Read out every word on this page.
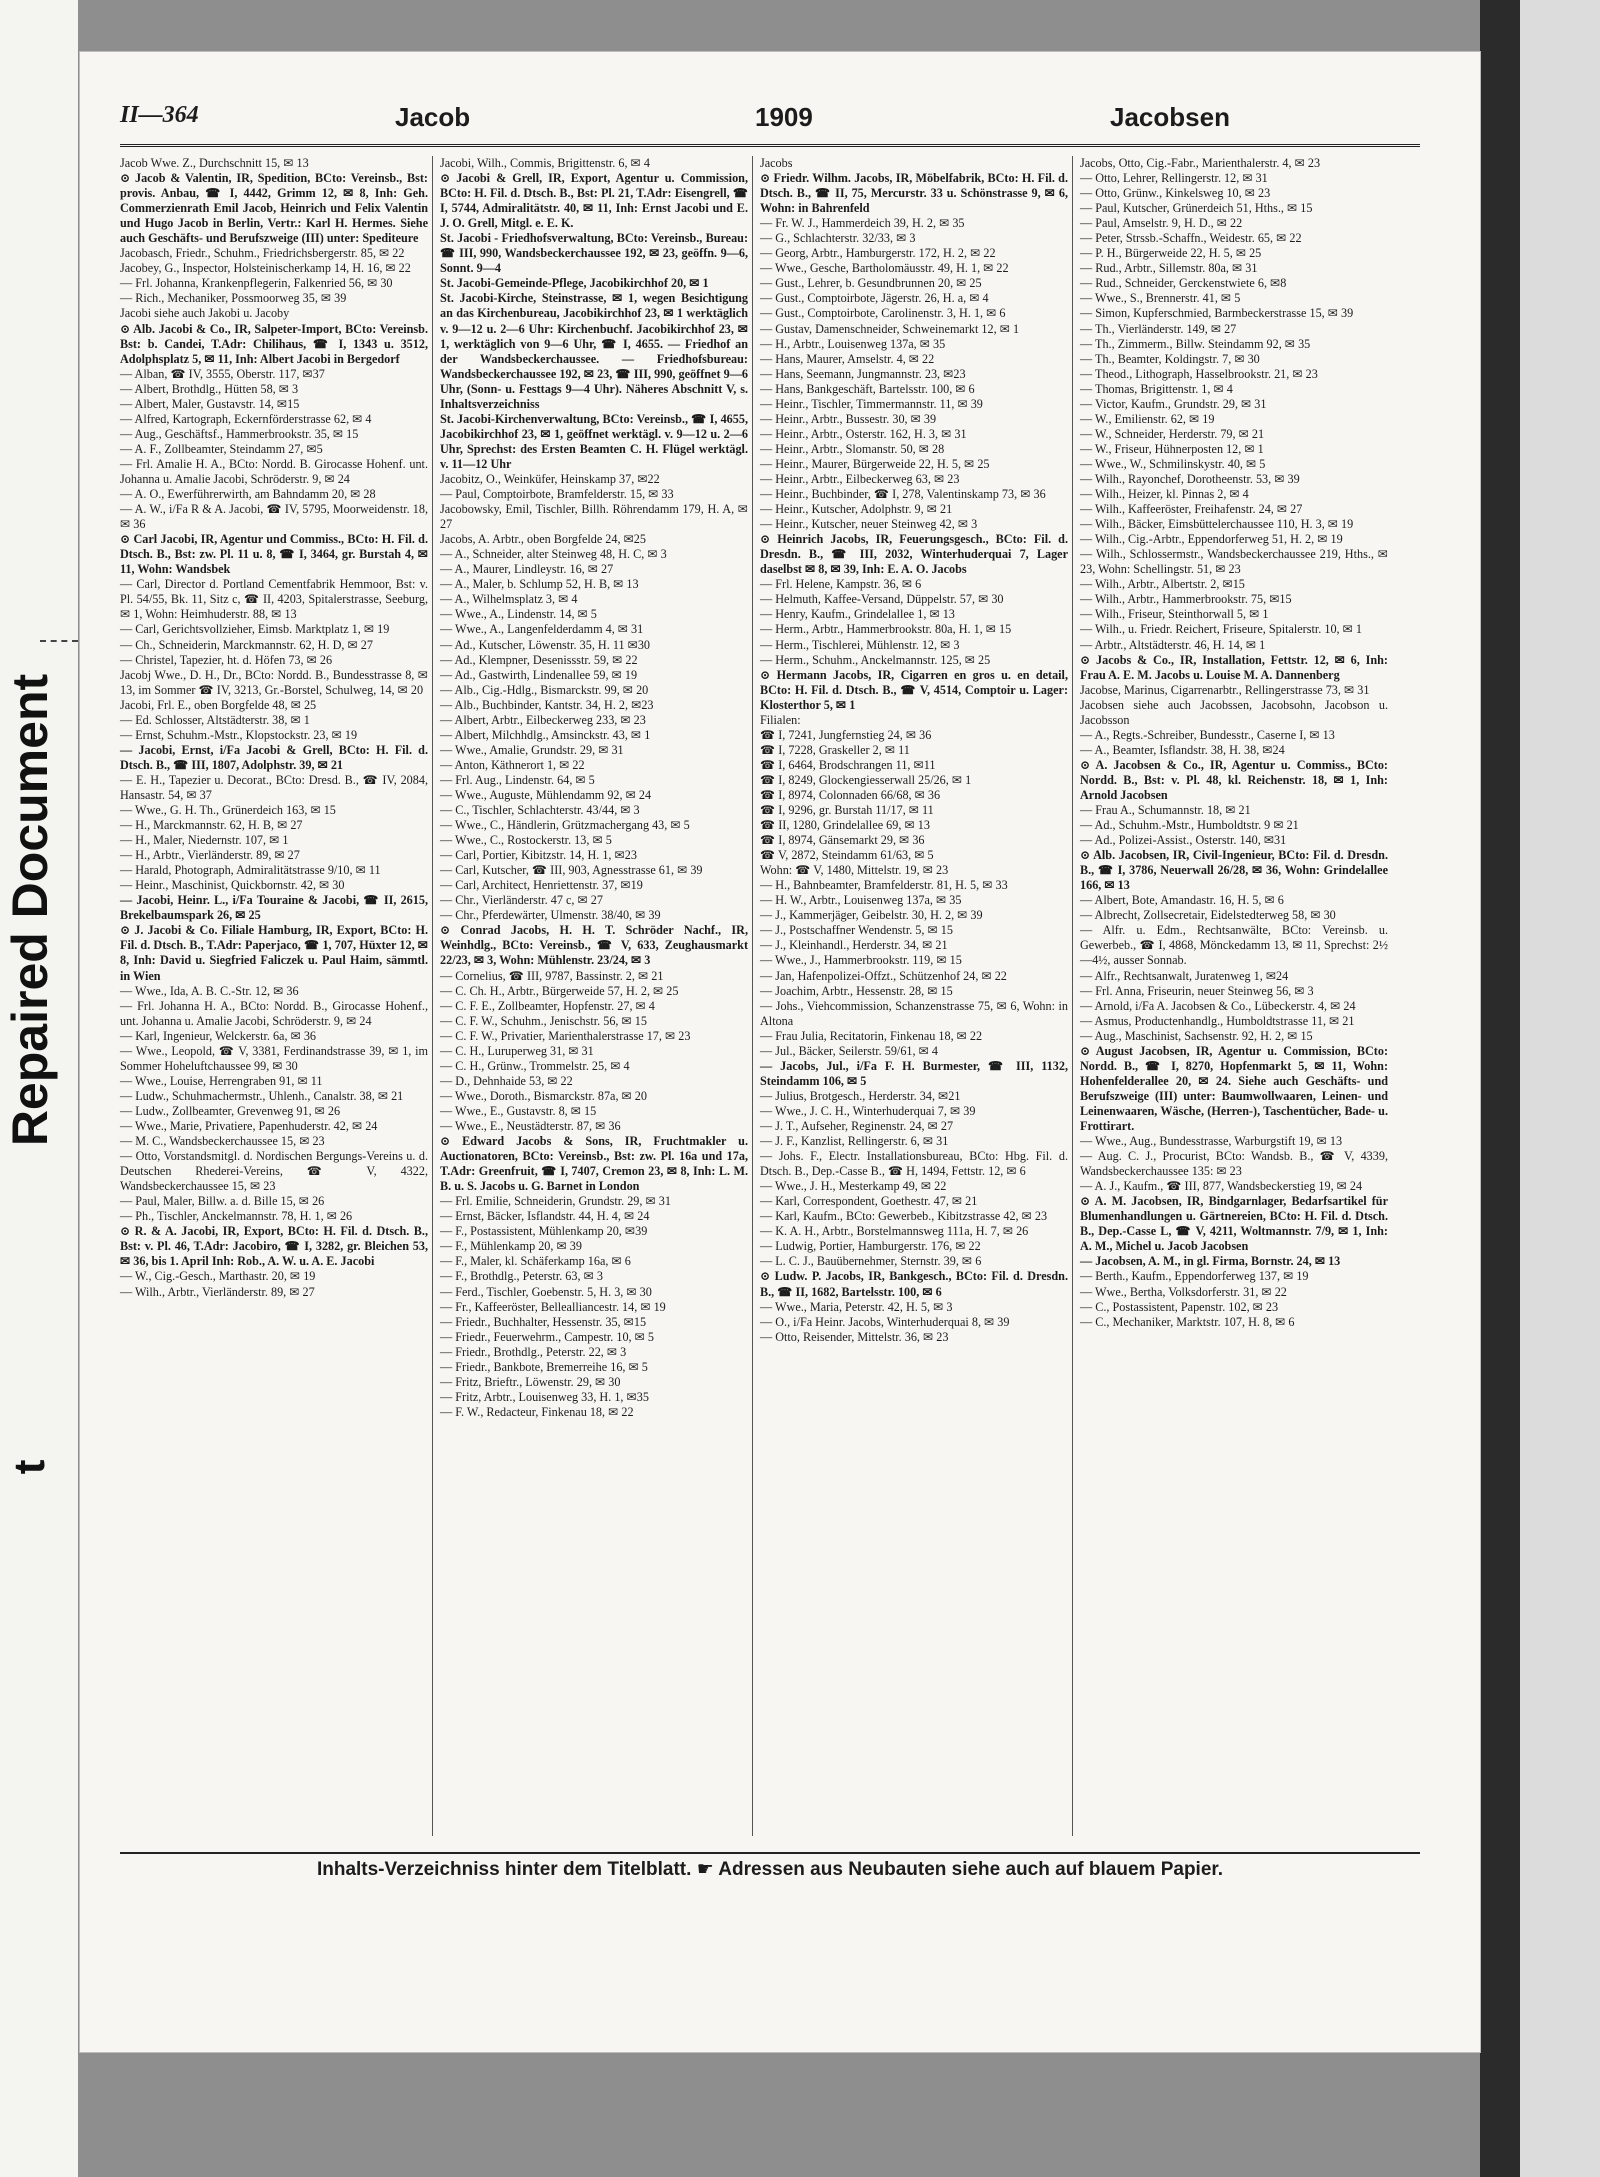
Repaired Document
II—364	Jacob	1909	Jacobsen

Jacob Wwe. Z., Durchschnitt 15, ✉ 13

⊙ Jacob & Valentin, IR, Spedition, BCto: Vereinsb., Bst: provis. Anbau, ☎ I, 4442, Grimm 12, ✉ 8, Inh: Geh. Commerzienrath Emil Jacob, Heinrich und Felix Valentin und Hugo Jacob in Berlin, Vertr.: Karl H. Hermes. Siehe auch Geschäfts- und Berufszweige (III) unter: Spediteure

Jacobasch, Friedr., Schuhm., Friedrichsbergerstr. 85, ✉ 22

Jacobey, G., Inspector, Holsteinischerkamp 14, H. 16, ✉ 22

— Frl. Johanna, Krankenpflegerin, Falkenried 56, ✉ 30

— Rich., Mechaniker, Possmoorweg 35, ✉ 39

Jacobi siehe auch Jakobi u. Jacoby

⊙ Alb. Jacobi & Co., IR, Salpeter-Import, BCto: Vereinsb. Bst: b. Candei, T.Adr: Chilihaus, ☎ I, 1343 u. 3512, Adolphsplatz 5, ✉ 11, Inh: Albert Jacobi in Bergedorf

— Alban, ☎ IV, 3555, Oberstr. 117, ✉37

— Albert, Brothdlg., Hütten 58, ✉ 3

— Albert, Maler, Gustavstr. 14, ✉15

— Alfred, Kartograph, Eckernförderstrasse 62, ✉ 4

— Aug., Geschäftsf., Hammerbrookstr. 35, ✉ 15

— A. F., Zollbeamter, Steindamm 27, ✉5

— Frl. Amalie H. A., BCto: Nordd. B. Girocasse Hohenf. unt. Johanna u. Amalie Jacobi, Schröderstr. 9, ✉ 24

— A. O., Ewerführerwirth, am Bahndamm 20, ✉ 28

— A. W., i/Fa R & A. Jacobi, ☎ IV, 5795, Moorweidenstr. 18, ✉ 36

⊙ Carl Jacobi, IR, Agentur und Commiss., BCto: H. Fil. d. Dtsch. B., Bst: zw. Pl. 11 u. 8, ☎ I, 3464, gr. Burstah 4, ✉ 11, Wohn: Wandsbek

— Carl, Director d. Portland Cementfabrik Hemmoor, Bst: v. Pl. 54/55, Bk. 11, Sitz c, ☎ II, 4203, Spitalerstrasse, Seeburg, ✉ 1, Wohn: Heimhuderstr. 88, ✉ 13

— Carl, Gerichtsvollzieher, Eimsb. Marktplatz 1, ✉ 19

— Ch., Schneiderin, Marckmannstr. 62, H. D, ✉ 27

— Christel, Tapezier, ht. d. Höfen 73, ✉ 26

Jacobj Wwe., D. H., Dr., BCto: Nordd. B., Bundesstrasse 8, ✉ 13, im Sommer ☎ IV, 3213, Gr.-Borstel, Schulweg, 14, ✉ 20

Jacobi, Frl. E., oben Borgfelde 48, ✉ 25

— Ed. Schlosser, Altstädterstr. 38, ✉ 1

— Ernst, Schuhm.-Mstr., Klopstockstr. 23, ✉ 19

— Jacobi, Ernst, i/Fa Jacobi & Grell, BCto: H. Fil. d. Dtsch. B., ☎ III, 1807, Adolphstr. 39, ✉ 21

— E. H., Tapezier u. Decorat., BCto: Dresd. B., ☎ IV, 2084, Hansastr. 54, ✉ 37

— Wwe., G. H. Th., Grünerdeich 163, ✉ 15

— H., Marckmannstr. 62, H. B, ✉ 27

— H., Maler, Niedernstr. 107, ✉ 1

— H., Arbtr., Vierländerstr. 89, ✉ 27

— Harald, Photograph, Admiralitätstrasse 9/10, ✉ 11

— Heinr., Maschinist, Quickbornstr. 42, ✉ 30

— Jacobi, Heinr. L., i/Fa Touraine & Jacobi, ☎ II, 2615, Brekelbaumspark 26, ✉ 25

⊙ J. Jacobi & Co. Filiale Hamburg, IR, Export, BCto: H. Fil. d. Dtsch. B., T.Adr: Paperjaco, ☎ 1, 707, Hüxter 12, ✉ 8, Inh: David u. Siegfried Faliczek u. Paul Haim, sämmtl. in Wien

— Wwe., Ida, A. B. C.-Str. 12, ✉ 36

— Frl. Johanna H. A., BCto: Nordd. B., Girocasse Hohenf., unt. Johanna u. Amalie Jacobi, Schröderstr. 9, ✉ 24

— Karl, Ingenieur, Welckerstr. 6a, ✉ 36

— Wwe., Leopold, ☎ V, 3381, Ferdinandstrasse 39, ✉ 1, im Sommer Hoheluftchaussee 99, ✉ 30

— Wwe., Louise, Herrengraben 91, ✉ 11

— Ludw., Schuhmachermstr., Uhlenh., Canalstr. 38, ✉ 21

— Ludw., Zollbeamter, Grevenweg 91, ✉ 26

— Wwe., Marie, Privatiere, Papenhuderstr. 42, ✉ 24

— M. C., Wandsbeckerchaussee 15, ✉ 23

— Otto, Vorstandsmitgl. d. Nordischen Bergungs-Vereins u. d. Deutschen Rhederei-Vereins, ☎ V, 4322, Wandsbeckerchaussee 15, ✉ 23

— Paul, Maler, Billw. a. d. Bille 15, ✉ 26

— Ph., Tischler, Anckelmannstr. 78, H. 1, ✉ 26

⊙ R. & A. Jacobi, IR, Export, BCto: H. Fil. d. Dtsch. B., Bst: v. Pl. 46, T.Adr: Jacobiro, ☎ I, 3282, gr. Bleichen 53, ✉ 36, bis 1. April Inh: Rob., A. W. u. A. E. Jacobi

— W., Cig.-Gesch., Marthastr. 20, ✉ 19

— Wilh., Arbtr., Vierländerstr. 89, ✉ 27

Jacobi, Wilh., Commis, Brigittenstr. 6, ✉ 4

⊙ Jacobi & Grell, IR, Export, Agentur u. Commission, BCto: H. Fil. d. Dtsch. B., Bst: Pl. 21, T.Adr: Eisengrell, ☎ I, 5744, Admiralitätstr. 40, ✉ 11, Inh: Ernst Jacobi und E. J. O. Grell, Mitgl. e. E. K.

St. Jacobi - Friedhofsverwaltung, BCto: Vereinsb., Bureau: ☎ III, 990, Wandsbeckerchaussee 192, ✉ 23, geöffn. 9—6, Sonnt. 9—4

St. Jacobi-Gemeinde-Pflege, Jacobikirchhof 20, ✉ 1

St. Jacobi-Kirche, Steinstrasse, ✉ 1, wegen Besichtigung an das Kirchenbureau, Jacobikirchhof 23, ✉ 1 werktäglich v. 9—12 u. 2—6 Uhr: Kirchenbuchf. Jacobikirchhof 23, ✉ 1, werktäglich von 9—6 Uhr, ☎ I, 4655. — Friedhof an der Wandsbeckerchaussee. — Friedhofsbureau: Wandsbeckerchaussee 192, ✉ 23, ☎ III, 990, geöffnet 9—6 Uhr, (Sonn- u. Festtags 9—4 Uhr). Näheres Abschnitt V, s. Inhaltsverzeichniss

St. Jacobi-Kirchenverwaltung, BCto: Vereinsb., ☎ I, 4655, Jacobikirchhof 23, ✉ 1, geöffnet werktägl. v. 9—12 u. 2—6 Uhr, Sprechst: des Ersten Beamten C. H. Flügel werktägl. v. 11—12 Uhr

Jacobitz, O., Weinküfer, Heinskamp 37, ✉22

— Paul, Comptoirbote, Bramfelderstr. 15, ✉ 33

Jacobowsky, Emil, Tischler, Billh. Röhrendamm 179, H. A, ✉ 27

Jacobs, A. Arbtr., oben Borgfelde 24, ✉25

— A., Schneider, alter Steinweg 48, H. C, ✉ 3

— A., Maurer, Lindleystr. 16, ✉ 27

— A., Maler, b. Schlump 52, H. B, ✉ 13

— A., Wilhelmsplatz 3, ✉ 4

— Wwe., A., Lindenstr. 14, ✉ 5

— Wwe., A., Langenfelderdamm 4, ✉ 31

— Ad., Kutscher, Löwenstr. 35, H. 11 ✉30

— Ad., Klempner, Desenissstr. 59, ✉ 22

— Ad., Gastwirth, Lindenallee 59, ✉ 19

— Alb., Cig.-Hdlg., Bismarckstr. 99, ✉ 20

— Alb., Buchbinder, Kantstr. 34, H. 2, ✉23

— Albert, Arbtr., Eilbeckerweg 233, ✉ 23

— Albert, Milchhdlg., Amsinckstr. 43, ✉ 1

— Wwe., Amalie, Grundstr. 29, ✉ 31

— Anton, Käthnerort 1, ✉ 22

— Frl. Aug., Lindenstr. 64, ✉ 5

— Wwe., Auguste, Mühlendamm 92, ✉ 24

— C., Tischler, Schlachterstr. 43/44, ✉ 3

— Wwe., C., Händlerin, Grützmachergang 43, ✉ 5

— Wwe., C., Rostockerstr. 13, ✉ 5

— Carl, Portier, Kibitzstr. 14, H. 1, ✉23

— Carl, Kutscher, ☎ III, 903, Agnesstrasse 61, ✉ 39

— Carl, Architect, Henriettenstr. 37, ✉19

— Chr., Vierländerstr. 47 c, ✉ 27

— Chr., Pferdewärter, Ulmenstr. 38/40, ✉ 39

⊙ Conrad Jacobs, H. H. T. Schröder Nachf., IR, Weinhdlg., BCto: Vereinsb., ☎ V, 633, Zeughausmarkt 22/23, ✉ 3, Wohn: Mühlenstr. 23/24, ✉ 3

— Cornelius, ☎ III, 9787, Bassinstr. 2, ✉ 21

— C. Ch. H., Arbtr., Bürgerweide 57, H. 2, ✉ 25

— C. F. E., Zollbeamter, Hopfenstr. 27, ✉ 4

— C. F. W., Schuhm., Jenischstr. 56, ✉ 15

— C. F. W., Privatier, Marienthalerstrasse 17, ✉ 23

— C. H., Luruperweg 31, ✉ 31

— C. H., Grünw., Trommelstr. 25, ✉ 4

— D., Dehnhaide 53, ✉ 22

— Wwe., Doroth., Bismarckstr. 87a, ✉ 20

— Wwe., E., Gustavstr. 8, ✉ 15

— Wwe., E., Neustädterstr. 87, ✉ 36

⊙ Edward Jacobs & Sons, IR, Fruchtmakler u. Auctionatoren, BCto: Vereinsb., Bst: zw. Pl. 16a und 17a, T.Adr: Greenfruit, ☎ I, 7407, Cremon 23, ✉ 8, Inh: L. M. B. u. S. Jacobs u. G. Barnet in London

— Frl. Emilie, Schneiderin, Grundstr. 29, ✉ 31

— Ernst, Bäcker, Isflandstr. 44, H. 4, ✉ 24

— F., Postassistent, Mühlenkamp 20, ✉39

— F., Mühlenkamp 20, ✉ 39

— F., Maler, kl. Schäferkamp 16a, ✉ 6

— F., Brothdlg., Peterstr. 63, ✉ 3

— Ferd., Tischler, Goebenstr. 5, H. 3, ✉ 30

— Fr., Kaffeeröster, Bellealliancestr. 14, ✉ 19

— Friedr., Buchhalter, Hessenstr. 35, ✉15

— Friedr., Feuerwehrm., Campestr. 10, ✉ 5

— Friedr., Brothdlg., Peterstr. 22, ✉ 3

— Friedr., Bankbote, Bremerreihe 16, ✉ 5

— Fritz, Brieftr., Löwenstr. 29, ✉ 30

— Fritz, Arbtr., Louisenweg 33, H. 1, ✉35

— F. W., Redacteur, Finkenau 18, ✉ 22

Jacobs

⊙ Friedr. Wilhm. Jacobs, IR, Möbelfabrik, BCto: H. Fil. d. Dtsch. B., ☎ II, 75, Mercurstr. 33 u. Schönstrasse 9, ✉ 6, Wohn: in Bahrenfeld

— Fr. W. J., Hammerdeich 39, H. 2, ✉ 35

— G., Schlachterstr. 32/33, ✉ 3

— Georg, Arbtr., Hamburgerstr. 172, H. 2, ✉ 22

— Wwe., Gesche, Bartholomäusstr. 49, H. 1, ✉ 22

— Gust., Lehrer, b. Gesundbrunnen 20, ✉ 25

— Gust., Comptoirbote, Jägerstr. 26, H. a, ✉ 4

— Gust., Comptoirbote, Carolinenstr. 3, H. 1, ✉ 6

— Gustav, Damenschneider, Schweinemarkt 12, ✉ 1

— H., Arbtr., Louisenweg 137a, ✉ 35

— Hans, Maurer, Amselstr. 4, ✉ 22

— Hans, Seemann, Jungmannstr. 23, ✉23

— Hans, Bankgeschäft, Bartelsstr. 100, ✉ 6

— Heinr., Tischler, Timmermannstr. 11, ✉ 39

— Heinr., Arbtr., Bussestr. 30, ✉ 39

— Heinr., Arbtr., Osterstr. 162, H. 3, ✉ 31

— Heinr., Arbtr., Slomanstr. 50, ✉ 28

— Heinr., Maurer, Bürgerweide 22, H. 5, ✉ 25

— Heinr., Arbtr., Eilbeckerweg 63, ✉ 23

— Heinr., Buchbinder, ☎ I, 278, Valentinskamp 73, ✉ 36

— Heinr., Kutscher, Adolphstr. 9, ✉ 21

— Heinr., Kutscher, neuer Steinweg 42, ✉ 3

⊙ Heinrich Jacobs, IR, Feuerungsgesch., BCto: Fil. d. Dresdn. B., ☎ III, 2032, Winterhuderquai 7, Lager daselbst ✉ 8, ✉ 39, Inh: E. A. O. Jacobs

— Frl. Helene, Kampstr. 36, ✉ 6

— Helmuth, Kaffee-Versand, Düppelstr. 57, ✉ 30

— Henry, Kaufm., Grindelallee 1, ✉ 13

— Herm., Arbtr., Hammerbrookstr. 80a, H. 1, ✉ 15

— Herm., Tischlerei, Mühlenstr. 12, ✉ 3

— Herm., Schuhm., Anckelmannstr. 125, ✉ 25

⊙ Hermann Jacobs, IR, Cigarren en gros u. en detail, BCto: H. Fil. d. Dtsch. B., ☎ V, 4514, Comptoir u. Lager: Klosterthor 5, ✉ 1

Filialen:

☎ I, 7241, Jungfernstieg 24, ✉ 36

☎ I, 7228, Graskeller 2, ✉ 11

☎ I, 6464, Brodschrangen 11, ✉11

☎ I, 8249, Glockengiesserwall 25/26, ✉ 1

☎ I, 8974, Colonnaden 66/68, ✉ 36

☎ I, 9296, gr. Burstah 11/17, ✉ 11

☎ II, 1280, Grindelallee 69, ✉ 13

☎ I, 8974, Gänsemarkt 29, ✉ 36

☎ V, 2872, Steindamm 61/63, ✉ 5

Wohn: ☎ V, 1480, Mittelstr. 19, ✉ 23

— H., Bahnbeamter, Bramfelderstr. 81, H. 5, ✉ 33

— H. W., Arbtr., Louisenweg 137a, ✉ 35

— J., Kammerjäger, Geibelstr. 30, H. 2, ✉ 39

— J., Postschaffner Wendenstr. 5, ✉ 15

— J., Kleinhandl., Herderstr. 34, ✉ 21

— Wwe., J., Hammerbrookstr. 119, ✉ 15

— Jan, Hafenpolizei-Offzt., Schützenhof 24, ✉ 22

— Joachim, Arbtr., Hessenstr. 28, ✉ 15

— Johs., Viehcommission, Schanzenstrasse 75, ✉ 6, Wohn: in Altona

— Frau Julia, Recitatorin, Finkenau 18, ✉ 22

— Jul., Bäcker, Seilerstr. 59/61, ✉ 4

— Jacobs, Jul., i/Fa F. H. Burmester, ☎ III, 1132, Steindamm 106, ✉ 5

— Julius, Brotgesch., Herderstr. 34, ✉21

— Wwe., J. C. H., Winterhuderquai 7, ✉ 39

— J. T., Aufseher, Reginenstr. 24, ✉ 27

— J. F., Kanzlist, Rellingerstr. 6, ✉ 31

— Johs. F., Electr. Installationsbureau, BCto: Hbg. Fil. d. Dtsch. B., Dep.-Casse B., ☎ H, 1494, Fettstr. 12, ✉ 6

— Wwe., J. H., Mesterkamp 49, ✉ 22

— Karl, Correspondent, Goethestr. 47, ✉ 21

— Karl, Kaufm., BCto: Gewerbeb., Kibitzstrasse 42, ✉ 23

— K. A. H., Arbtr., Borstelmannsweg 111a, H. 7, ✉ 26

— Ludwig, Portier, Hamburgerstr. 176, ✉ 22

— L. C. J., Bauübernehmer, Sternstr. 39, ✉ 6

⊙ Ludw. P. Jacobs, IR, Bankgesch., BCto: Fil. d. Dresdn. B., ☎ II, 1682, Bartelsstr. 100, ✉ 6

— Wwe., Maria, Peterstr. 42, H. 5, ✉ 3

— O., i/Fa Heinr. Jacobs, Winterhuderquai 8, ✉ 39

— Otto, Reisender, Mittelstr. 36, ✉ 23

Jacobs, Otto, Cig.-Fabr., Marienthalerstr. 4, ✉ 23

— Otto, Lehrer, Rellingerstr. 12, ✉ 31

— Otto, Grünw., Kinkelsweg 10, ✉ 23

— Paul, Kutscher, Grünerdeich 51, Hths., ✉ 15

— Paul, Amselstr. 9, H. D., ✉ 22

— Peter, Strssb.-Schaffn., Weidestr. 65, ✉ 22

— P. H., Bürgerweide 22, H. 5, ✉ 25

— Rud., Arbtr., Sillemstr. 80a, ✉ 31

— Rud., Schneider, Gerckenstwiete 6, ✉8

— Wwe., S., Brennerstr. 41, ✉ 5

— Simon, Kupferschmied, Barmbeckerstrasse 15, ✉ 39

— Th., Vierländerstr. 149, ✉ 27

— Th., Zimmerm., Billw. Steindamm 92, ✉ 35

— Th., Beamter, Koldingstr. 7, ✉ 30

— Theod., Lithograph, Hasselbrookstr. 21, ✉ 23

— Thomas, Brigittenstr. 1, ✉ 4

— Victor, Kaufm., Grundstr. 29, ✉ 31

— W., Emilienstr. 62, ✉ 19

— W., Schneider, Herderstr. 79, ✉ 21

— W., Friseur, Hühnerposten 12, ✉ 1

— Wwe., W., Schmilinskystr. 40, ✉ 5

— Wilh., Rayonchef, Dorotheenstr. 53, ✉ 39

— Wilh., Heizer, kl. Pinnas 2, ✉ 4

— Wilh., Kaffeeröster, Freihafenstr. 24, ✉ 27

— Wilh., Bäcker, Eimsbüttelerchaussee 110, H. 3, ✉ 19

— Wilh., Cig.-Arbtr., Eppendorferweg 51, H. 2, ✉ 19

— Wilh., Schlossermstr., Wandsbeckerchaussee 219, Hths., ✉ 23, Wohn: Schellingstr. 51, ✉ 23

— Wilh., Arbtr., Albertstr. 2, ✉15

— Wilh., Arbtr., Hammerbrookstr. 75, ✉15

— Wilh., Friseur, Steinthorwall 5, ✉ 1

— Wilh., u. Friedr. Reichert, Friseure, Spitalerstr. 10, ✉ 1

— Arbtr., Altstädterstr. 46, H. 14, ✉ 1

⊙ Jacobs & Co., IR, Installation, Fettstr. 12, ✉ 6, Inh: Frau A. E. M. Jacobs u. Louise M. A. Dannenberg

Jacobse, Marinus, Cigarrenarbtr., Rellingerstrasse 73, ✉ 31

Jacobsen siehe auch Jacobssen, Jacobsohn, Jacobson u. Jacobsson

— A., Regts.-Schreiber, Bundesstr., Caserne I, ✉ 13

— A., Beamter, Isflandstr. 38, H. 38, ✉24

⊙ A. Jacobsen & Co., IR, Agentur u. Commiss., BCto: Nordd. B., Bst: v. Pl. 48, kl. Reichenstr. 18, ✉ 1, Inh: Arnold Jacobsen

— Frau A., Schumannstr. 18, ✉ 21

— Ad., Schuhm.-Mstr., Humboldtstr. 9 ✉ 21

— Ad., Polizei-Assist., Osterstr. 140, ✉31

⊙ Alb. Jacobsen, IR, Civil-Ingenieur, BCto: Fil. d. Dresdn. B., ☎ I, 3786, Neuerwall 26/28, ✉ 36, Wohn: Grindelallee 166, ✉ 13

— Albert, Bote, Amandastr. 16, H. 5, ✉ 6

— Albrecht, Zollsecretair, Eidelstedterweg 58, ✉ 30

— Alfr. u. Edm., Rechtsanwälte, BCto: Vereinsb. u. Gewerbeb., ☎ I, 4868, Mönckedamm 13, ✉ 11, Sprechst: 2½—4½, ausser Sonnab.

— Alfr., Rechtsanwalt, Juratenweg 1, ✉24

— Frl. Anna, Friseurin, neuer Steinweg 56, ✉ 3

— Arnold, i/Fa A. Jacobsen & Co., Lübeckerstr. 4, ✉ 24

— Asmus, Productenhandlg., Humboldtstrasse 11, ✉ 21

— Aug., Maschinist, Sachsenstr. 92, H. 2, ✉ 15

⊙ August Jacobsen, IR, Agentur u. Commission, BCto: Nordd. B., ☎ I, 8270, Hopfenmarkt 5, ✉ 11, Wohn: Hohenfelderallee 20, ✉ 24. Siehe auch Geschäfts- und Berufszweige (III) unter: Baumwollwaaren, Leinen- und Leinenwaaren, Wäsche, (Herren-), Taschentücher, Bade- u. Frottirart.

— Wwe., Aug., Bundesstrasse, Warburgstift 19, ✉ 13

— Aug. C. J., Procurist, BCto: Wandsb. B., ☎ V, 4339, Wandsbeckerchaussee 135: ✉ 23

— A. J., Kaufm., ☎ III, 877, Wandsbeckerstieg 19, ✉ 24

⊙ A. M. Jacobsen, IR, Bindgarnlager, Bedarfsartikel für Blumenhandlungen u. Gärtnereien, BCto: H. Fil. d. Dtsch. B., Dep.-Casse L, ☎ V, 4211, Woltmannstr. 7/9, ✉ 1, Inh: A. M., Michel u. Jacob Jacobsen

— Jacobsen, A. M., in gl. Firma, Bornstr. 24, ✉ 13

— Berth., Kaufm., Eppendorferweg 137, ✉ 19

— Wwe., Bertha, Volksdorferstr. 31, ✉ 22

— C., Postassistent, Papenstr. 102, ✉ 23

— C., Mechaniker, Marktstr. 107, H. 8, ✉ 6

Inhalts-Verzeichniss hinter dem Titelblatt. ☛ Adressen aus Neubauten siehe auch auf blauem Papier.
